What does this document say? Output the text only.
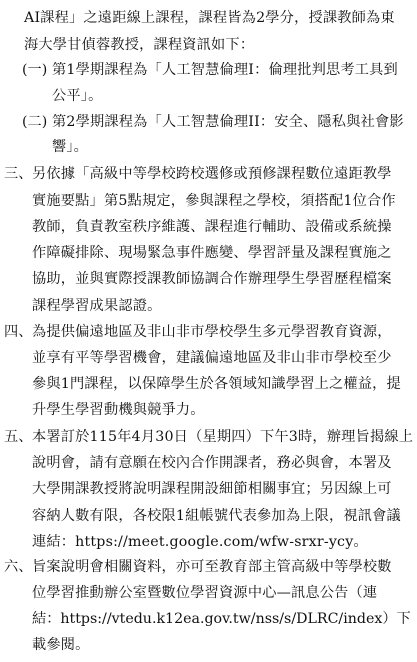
AI課程」之遠距線上課程，課程皆為2學分，授課教師為東
海大學甘偵蓉教授，課程資訊如下：
(一) 第1學期課程為「人工智慧倫理I：倫理批判思考工具到
公平」。
(二) 第2學期課程為「人工智慧倫理II：安全、隱私與社會影
響」。
三、 另依據「高級中等學校跨校選修或預修課程數位遠距教學
實施要點」第5點規定，參與課程之學校，須搭配1位合作
教師，負責教室秩序維護、課程進行輔助、設備或系統操
作障礙排除、現場緊急事件應變、學習評量及課程實施之
協助，並與實際授課教師協調合作辦理學生學習歷程檔案
課程學習成果認證。
四、 為提供偏遠地區及非山非市學校學生多元學習教育資源，
並享有平等學習機會，建議偏遠地區及非山非市學校至少
參與1門課程，以保障學生於各領域知識學習上之權益，提
升學生學習動機與競爭力。
五、 本署訂於115年4月30日（星期四）下午3時，辦理旨揭線上
說明會，請有意願在校內合作開課者，務必與會，本署及
大學開課教授將說明課程開設細節相關事宜；另因線上可
容納人數有限，各校限1組帳號代表參加為上限，視訊會議
連結：https://meet.google.com/wfw-srxr-ycy。
六、 旨案說明會相關資料，亦可至教育部主管高級中等學校數
位學習推動辦公室暨數位學習資源中心—訊息公告（連
結：https://vtedu.k12ea.gov.tw/nss/s/DLRC/index）下
載參閱。
